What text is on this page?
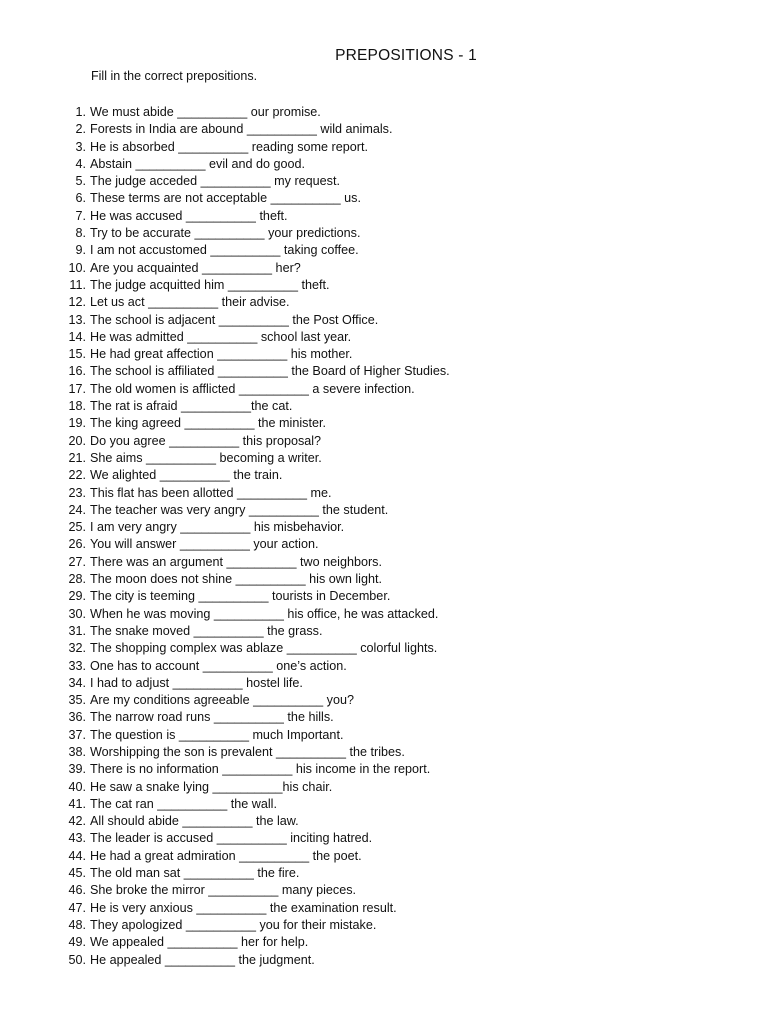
PREPOSITIONS - 1
Fill in the correct prepositions.
1. We must abide __________ our promise.
2. Forests in India are abound __________ wild animals.
3. He is absorbed __________ reading some report.
4. Abstain __________ evil and do good.
5. The judge acceded __________ my request.
6. These terms are not acceptable __________ us.
7. He was accused __________ theft.
8. Try to be accurate __________ your predictions.
9. I am not accustomed __________ taking coffee.
10. Are you acquainted __________ her?
11. The judge acquitted him __________ theft.
12. Let us act __________ their advise.
13. The school is adjacent __________ the Post Office.
14. He was admitted __________ school last year.
15. He had great affection __________ his mother.
16. The school is affiliated __________ the Board of Higher Studies.
17. The old women is afflicted __________ a severe infection.
18. The rat is afraid __________the cat.
19. The king agreed __________ the minister.
20. Do you agree __________ this proposal?
21. She aims __________ becoming a writer.
22. We alighted __________ the train.
23. This flat has been allotted __________ me.
24. The teacher was very angry __________ the student.
25. I am very angry __________ his misbehavior.
26. You will answer __________ your action.
27. There was an argument __________ two neighbors.
28. The moon does not shine __________ his own light.
29. The city is teeming __________ tourists in December.
30. When he was moving __________ his office, he was attacked.
31. The snake moved __________ the grass.
32. The shopping complex was ablaze __________ colorful lights.
33. One has to account __________ one’s action.
34. I had to adjust __________ hostel life.
35. Are my conditions agreeable __________ you?
36. The narrow road runs __________ the hills.
37. The question is __________ much Important.
38. Worshipping the son is prevalent __________ the tribes.
39. There is no information __________ his income in the report.
40. He saw a snake lying __________his chair.
41. The cat ran __________ the wall.
42. All should abide __________ the law.
43. The leader is accused __________ inciting hatred.
44. He had a great admiration __________ the poet.
45. The old man sat __________ the fire.
46. She broke the mirror __________ many pieces.
47. He is very anxious __________ the examination result.
48. They apologized __________ you for their mistake.
49. We appealed __________ her for help.
50. He appealed __________ the judgment.
